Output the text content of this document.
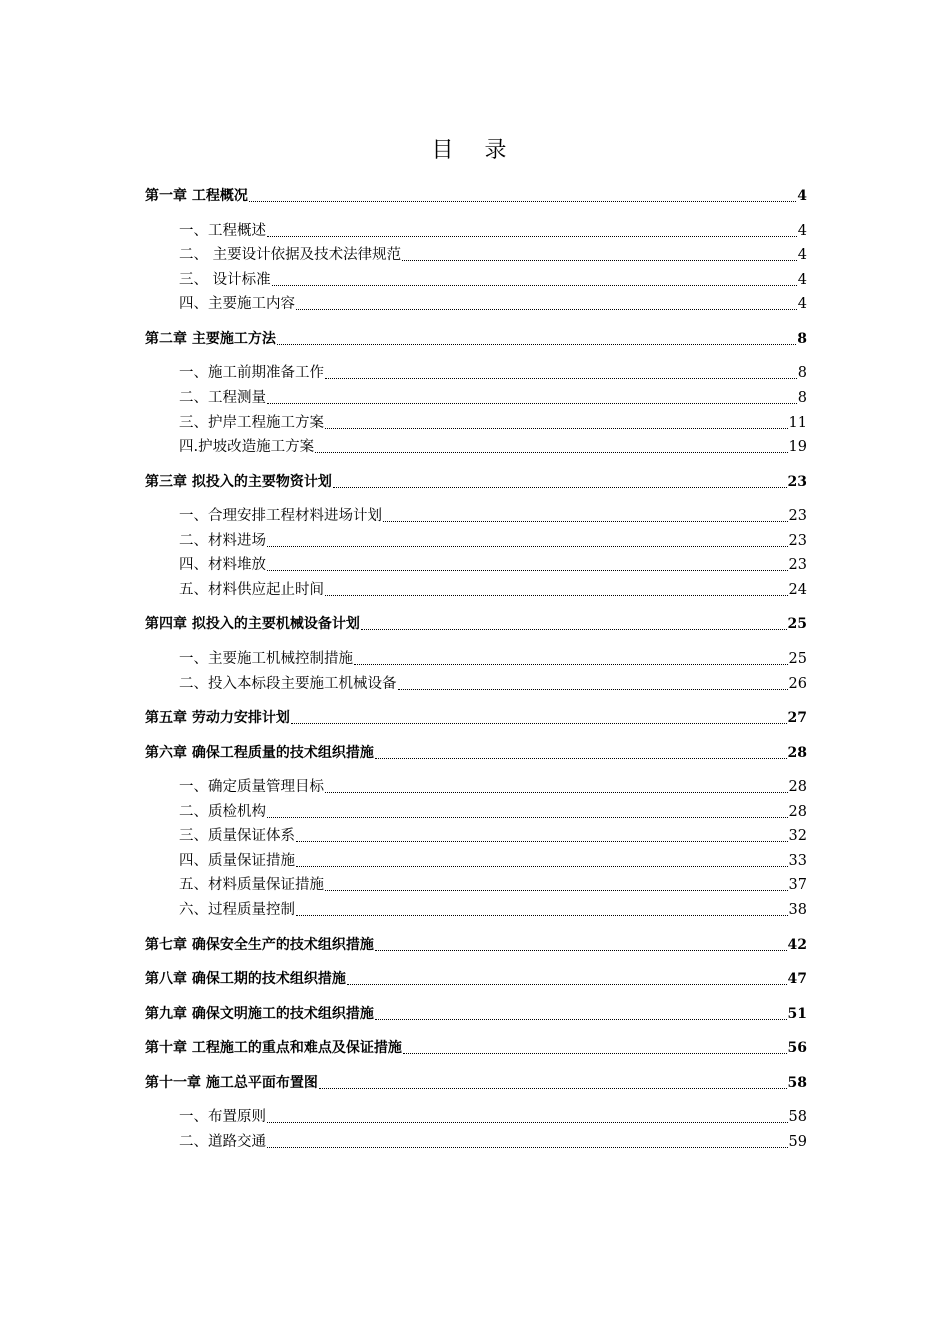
目 录
第一章 工程概况	4
一、工程概述	4
二、 主要设计依据及技术法律规范	4
三、 设计标准	4
四、主要施工内容	4
第二章 主要施工方法	8
一、施工前期准备工作	8
二、工程测量	8
三、护岸工程施工方案	11
四.护坡改造施工方案	19
第三章 拟投入的主要物资计划	23
一、合理安排工程材料进场计划	23
二、材料进场	23
四、材料堆放	23
五、材料供应起止时间	24
第四章 拟投入的主要机械设备计划	25
一、主要施工机械控制措施	25
二、投入本标段主要施工机械设备	26
第五章 劳动力安排计划	27
第六章 确保工程质量的技术组织措施	28
一、确定质量管理目标	28
二、质检机构	28
三、质量保证体系	32
四、质量保证措施	33
五、材料质量保证措施	37
六、过程质量控制	38
第七章 确保安全生产的技术组织措施	42
第八章 确保工期的技术组织措施	47
第九章 确保文明施工的技术组织措施	51
第十章 工程施工的重点和难点及保证措施	56
第十一章 施工总平面布置图	58
一、布置原则	58
二、道路交通	59
